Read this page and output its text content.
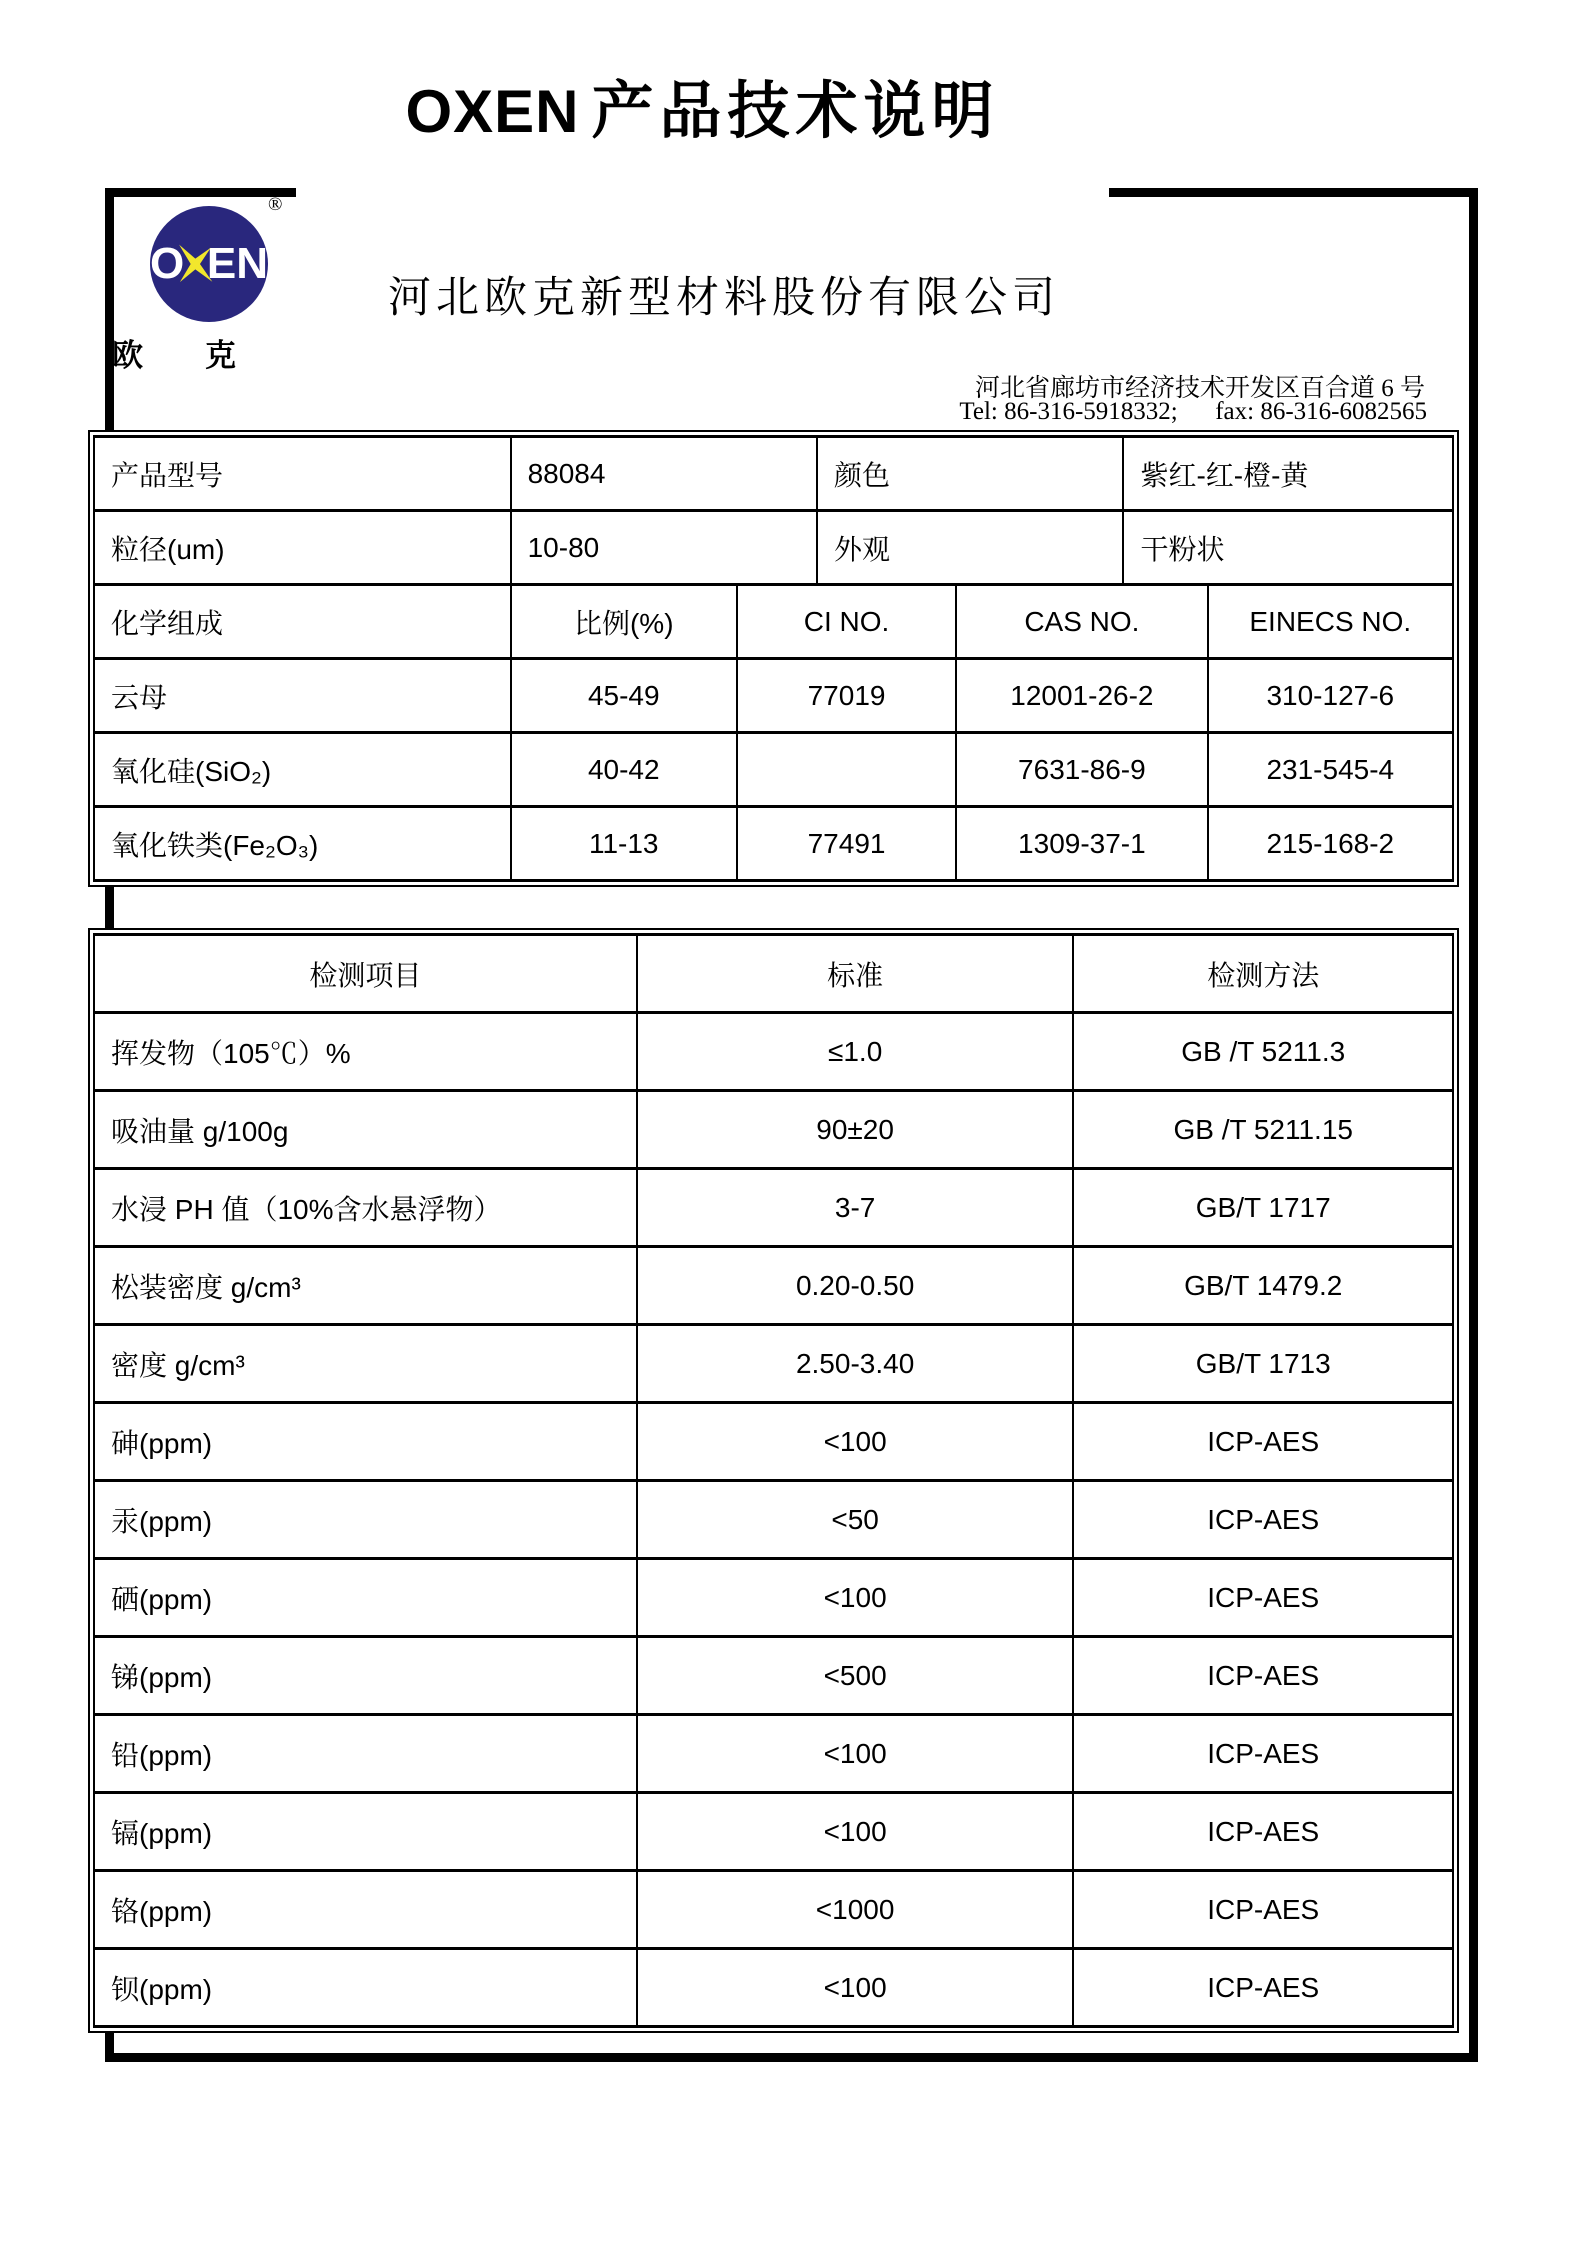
OXEN 产品技术说明
O EN
®
欧　　克
河北欧克新型材料股份有限公司
河北省廊坊市经济技术开发区百合道 6 号
Tel: 86-316-5918332;      fax: 86-316-6082565
产品型号	88084		颜色		紫红-红-橙-黄	
粒径(um)	10-80		外观		干粉状	
化学组成	比例(%)	CI NO.		CAS NO.		EINECS NO.
云母	45-49	77019		12001-26-2		310-127-6
氧化硅(SiO₂)	40-42			7631-86-9		231-545-4
氧化铁类(Fe₂O₃)	11-13	77491		1309-37-1		215-168-2
检测项目	标准	检测方法
挥发物（105℃）%	≤1.0	GB /T 5211.3
吸油量 g/100g	90±20	GB /T 5211.15
水浸 PH 值（10%含水悬浮物）	3-7	GB/T 1717
松装密度 g/cm³	0.20-0.50	GB/T 1479.2
密度 g/cm³	2.50-3.40	GB/T 1713
砷(ppm)	<100	ICP-AES
汞(ppm)	<50	ICP-AES
硒(ppm)	<100	ICP-AES
锑(ppm)	<500	ICP-AES
铅(ppm)	<100	ICP-AES
镉(ppm)	<100	ICP-AES
铬(ppm)	<1000	ICP-AES
钡(ppm)	<100	ICP-AES
